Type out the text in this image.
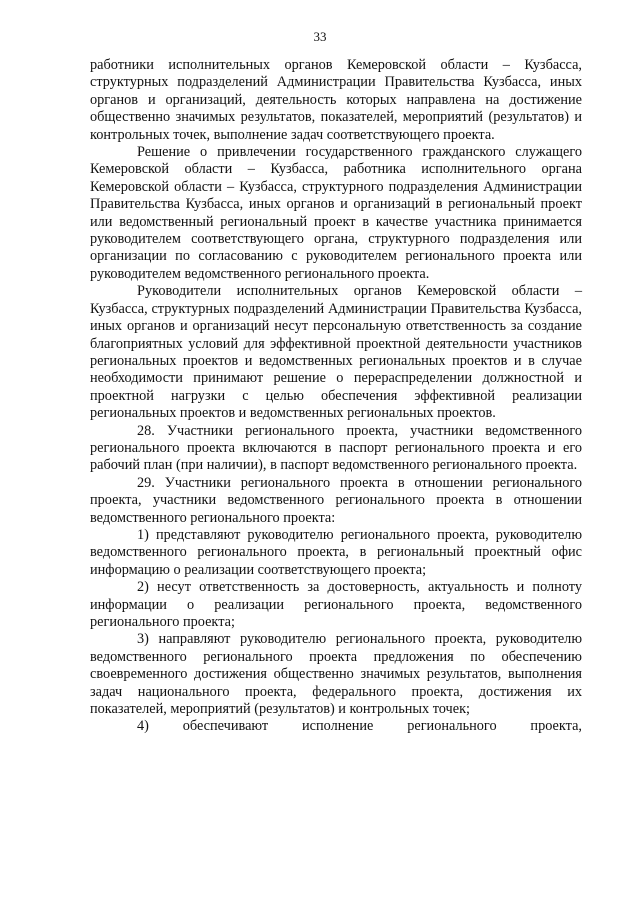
33

работники исполнительных органов Кемеровской области – Кузбасса, структурных подразделений Администрации Правительства Кузбасса, иных органов и организаций, деятельность которых направлена на достижение общественно значимых результатов, показателей, мероприятий (результатов) и контрольных точек, выполнение задач соответствующего проекта.

Решение о привлечении государственного гражданского служащего Кемеровской области – Кузбасса, работника исполнительного органа Кемеровской области – Кузбасса, структурного подразделения Администрации Правительства Кузбасса, иных органов и организаций в региональный проект или ведомственный региональный проект в качестве участника принимается руководителем соответствующего органа, структурного подразделения или организации по согласованию с руководителем регионального проекта или руководителем ведомственного регионального проекта.

Руководители исполнительных органов Кемеровской области – Кузбасса, структурных подразделений Администрации Правительства Кузбасса, иных органов и организаций несут персональную ответственность за создание благоприятных условий для эффективной проектной деятельности участников региональных проектов и ведомственных региональных проектов и в случае необходимости принимают решение о перераспределении должностной и проектной нагрузки с целью обеспечения эффективной реализации региональных проектов и ведомственных региональных проектов.

28. Участники регионального проекта, участники ведомственного регионального проекта включаются в паспорт регионального проекта и его рабочий план (при наличии), в паспорт ведомственного регионального проекта.

29. Участники регионального проекта в отношении регионального проекта, участники ведомственного регионального проекта в отношении ведомственного регионального проекта:

1) представляют руководителю регионального проекта, руководителю ведомственного регионального проекта, в региональный проектный офис информацию о реализации соответствующего проекта;

2) несут ответственность за достоверность, актуальность и полноту информации о реализации регионального проекта, ведомственного регионального проекта;

3) направляют руководителю регионального проекта, руководителю ведомственного регионального проекта предложения по обеспечению своевременного достижения общественно значимых результатов, выполнения задач национального проекта, федерального проекта, достижения их показателей, мероприятий (результатов) и контрольных точек;

4) обеспечивают исполнение регионального проекта,
